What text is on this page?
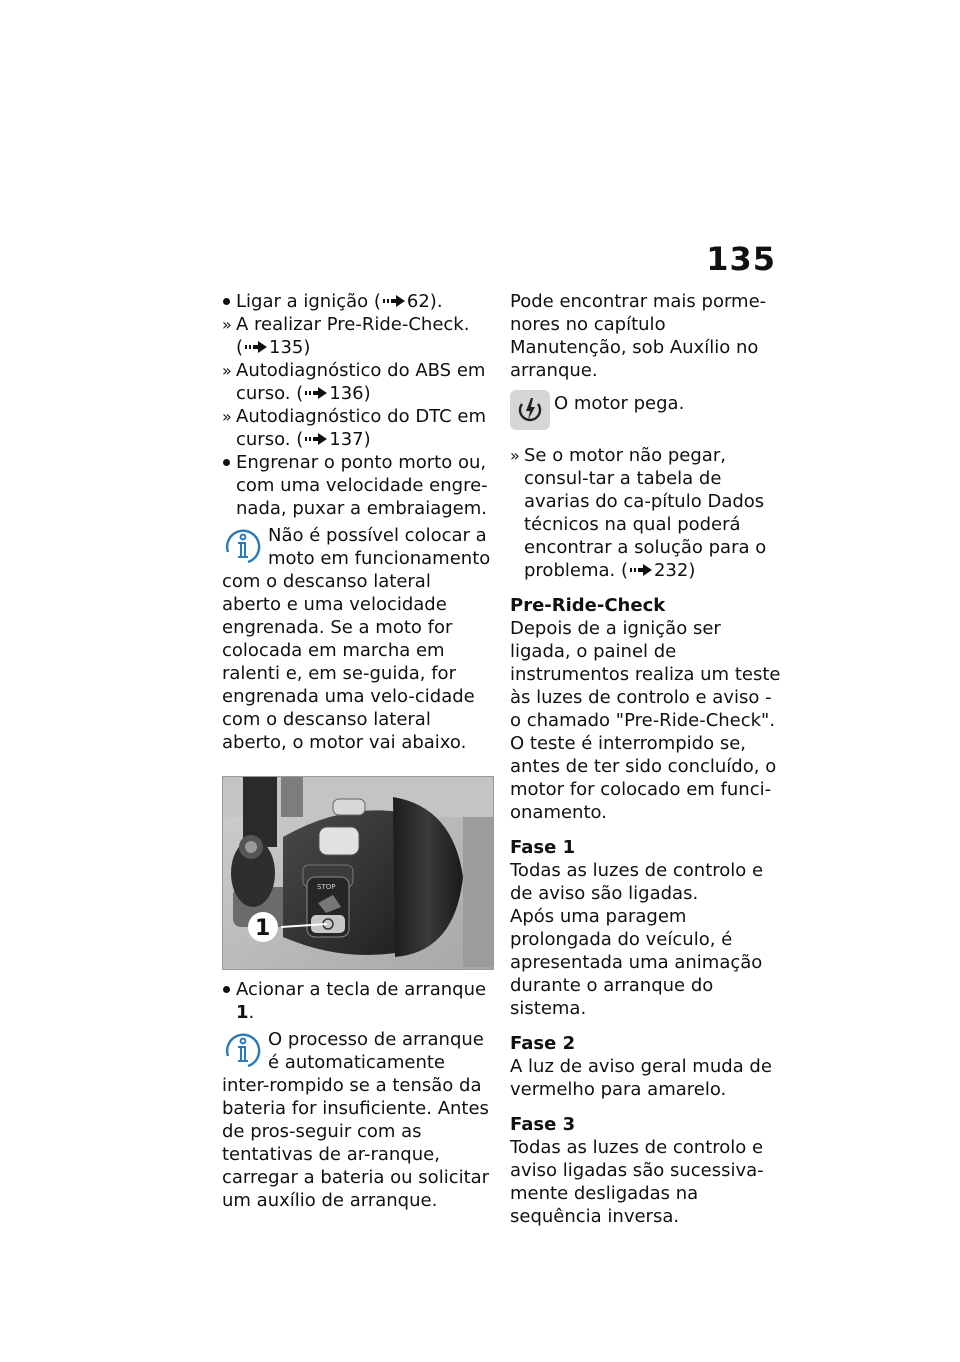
135

Ligar a ignição ( 62).

» A realizar Pre-Ride-Check.
( 135)

» Autodiagnóstico do ABS em curso. ( 136)

» Autodiagnóstico do DTC em curso. ( 137)

Engrenar o ponto morto ou, com uma velocidade engre-nada, puxar a embraiagem.

Não é possível colocar a moto em funcionamento com o descanso lateral aberto e uma velocidade engrenada. Se a moto for colocada em marcha em ralenti e, em se-guida, for engrenada uma velo-cidade com o descanso lateral aberto, o motor vai abaixo.
STOP
1

Acionar a tecla de arranque 1.

O processo de arranque é automaticamente inter-rompido se a tensão da bateria for insuficiente. Antes de pros-seguir com as tentativas de ar-ranque, carregar a bateria ou solicitar um auxílio de arranque.

Pode encontrar mais porme-nores no capítulo Manutenção, sob Auxílio no arranque.

O motor pega.

» Se o motor não pegar, consul-tar a tabela de avarias do ca-pítulo Dados técnicos na qual poderá encontrar a solução para o problema. ( 232)

Pre-Ride-Check

Depois de a ignição ser ligada, o painel de instrumentos realiza um teste às luzes de controlo e aviso - o chamado "Pre-Ride-Check". O teste é interrompido se, antes de ter sido concluído, o motor for colocado em funci-onamento.

Fase 1

Todas as luzes de controlo e de aviso são ligadas.

Após uma paragem prolongada do veículo, é apresentada uma animação durante o arranque do sistema.

Fase 2

A luz de aviso geral muda de vermelho para amarelo.

Fase 3

Todas as luzes de controlo e aviso ligadas são sucessiva-mente desligadas na sequência inversa.
